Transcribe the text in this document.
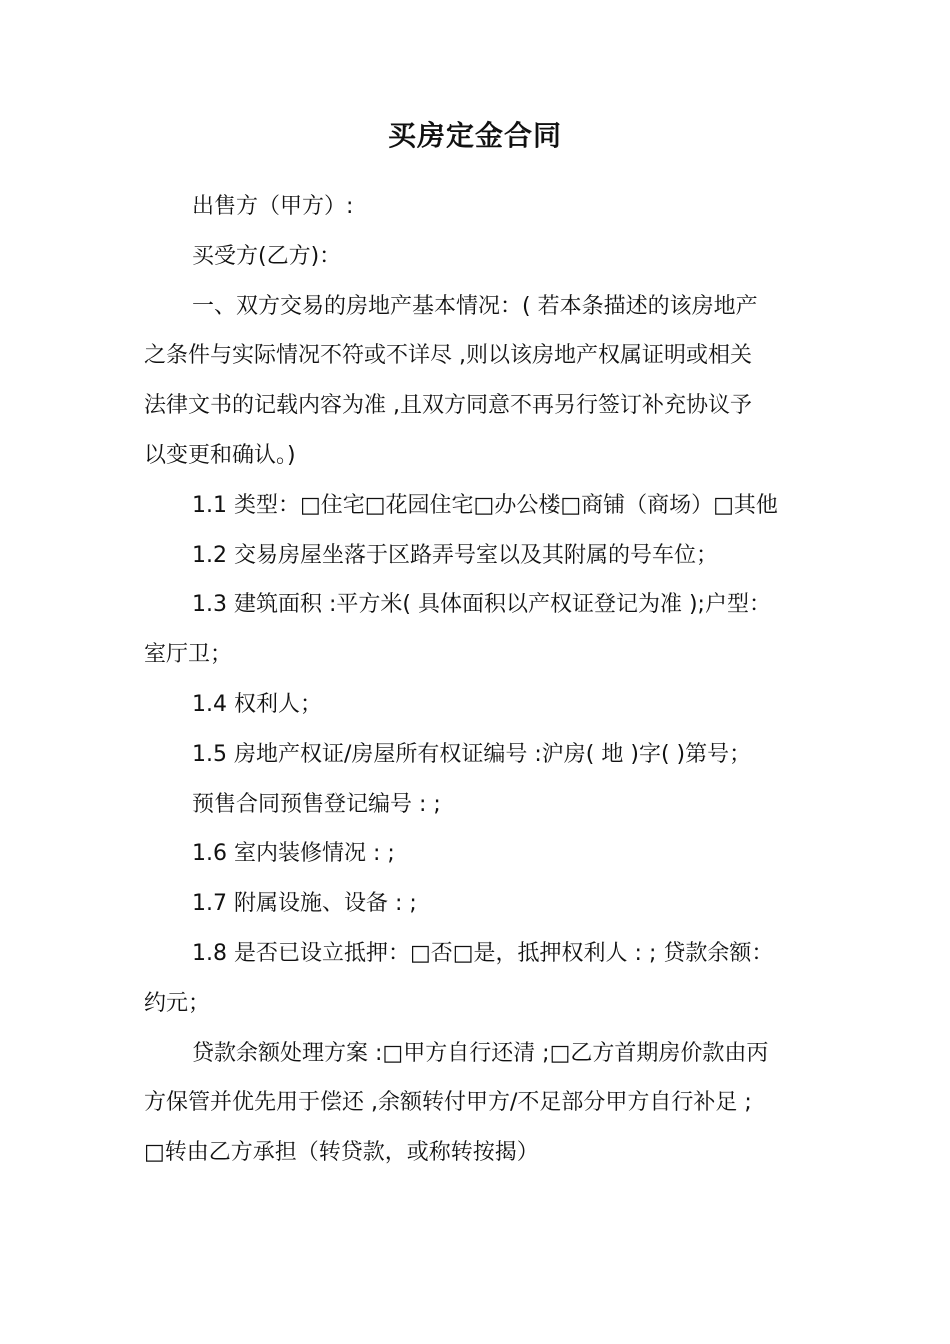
买房定金合同
出售方（甲方）:
买受方(乙方)：
一、双方交易的房地产基本情况：( 若本条描述的该房地产
之条件与实际情况不符或不详尽 ,则以该房地产权属证明或相关
法律文书的记载内容为准 ,且双方同意不再另行签订补充协议予
以变更和确认。)
1.1 类型：□住宅□花园住宅□办公楼□商铺（商场）□其他
1.2 交易房屋坐落于区路弄号室以及其附属的号车位；
1.3 建筑面积 :平方米( 具体面积以产权证登记为准 );户型：
室厅卫；
1.4 权利人；
1.5 房地产权证/房屋所有权证编号 :沪房( 地 )字( )第号；
预售合同预售登记编号 : ;
1.6 室内装修情况 : ;
1.7 附属设施、设备 : ;
1.8 是否已设立抵押：□否□是，抵押权利人 : ; 贷款余额：
约元；
贷款余额处理方案 :□甲方自行还清 ;□乙方首期房价款由丙
方保管并优先用于偿还 ,余额转付甲方/不足部分甲方自行补足 ;
□转由乙方承担（转贷款，或称转按揭）
